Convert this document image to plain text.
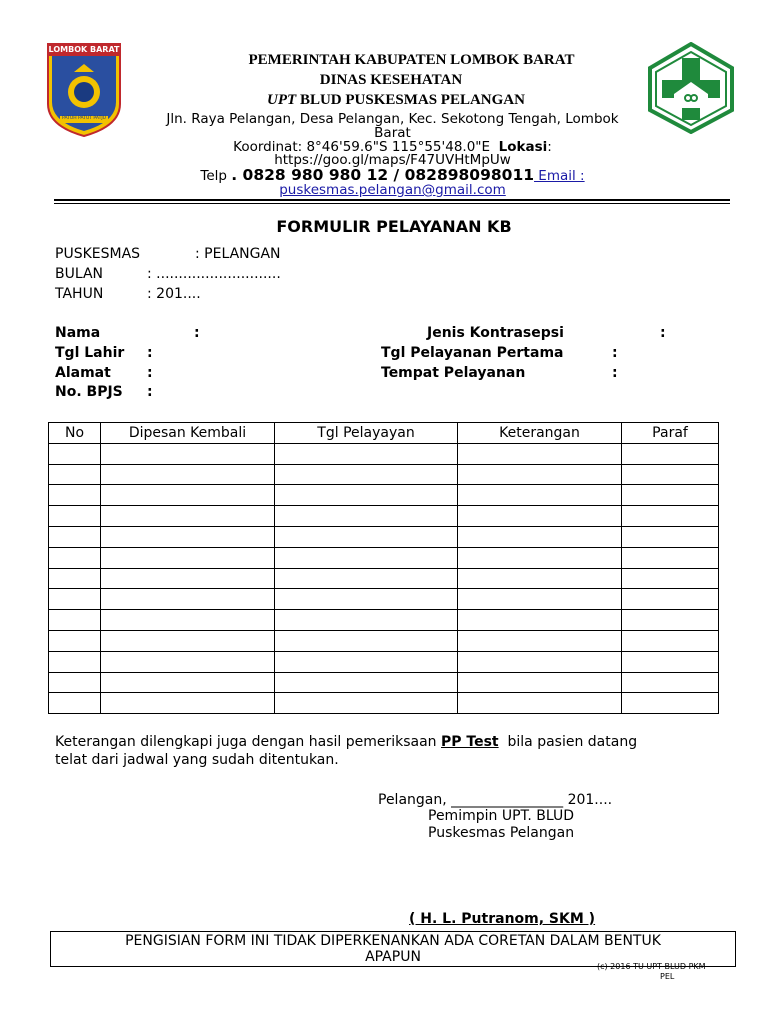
LOMBOK BARAT
PATUH PATUT PATJU
PEMERINTAH KABUPATEN LOMBOK BARAT
DINAS KESEHATAN
UPT BLUD PUSKESMAS PELANGAN
Jln. Raya Pelangan, Desa Pelangan, Kec. Sekotong Tengah, Lombok
Barat
Koordinat: 8°46'59.6"S 115°55'48.0"E Lokasi:
https://goo.gl/maps/F47UVHtMpUw
Telp . 0828 980 980 12 / 082898098011 Email :
puskesmas.pelangan@gmail.com
FORMULIR PELAYANAN KB
PUSKESMAS	: PELANGAN
BULAN	: ............................
TAHUN	: 201....
Nama	:
Tgl Lahir :
Alamat	:
No. BPJS :
Jenis Kontrasepsi	:
Tgl Pelayanan Pertama	:
Tempat Pelayanan	:
No	Dipesan Kembali	Tgl Pelayayan	Keterangan	Paraf

Keterangan dilengkapi juga dengan hasil pemeriksaan PP Test  bila pasien datang
telat dari jadwal yang sudah ditentukan.
Pelangan, ________________ 201....
Pemimpin UPT. BLUD
Puskesmas Pelangan
( H. L. Putranom, SKM )
PENGISIAN FORM INI TIDAK DIPERKENANKAN ADA CORETAN DALAM BENTUK
APAPUN
(c) 2016 TU UPT BLUD PKM
PEL
